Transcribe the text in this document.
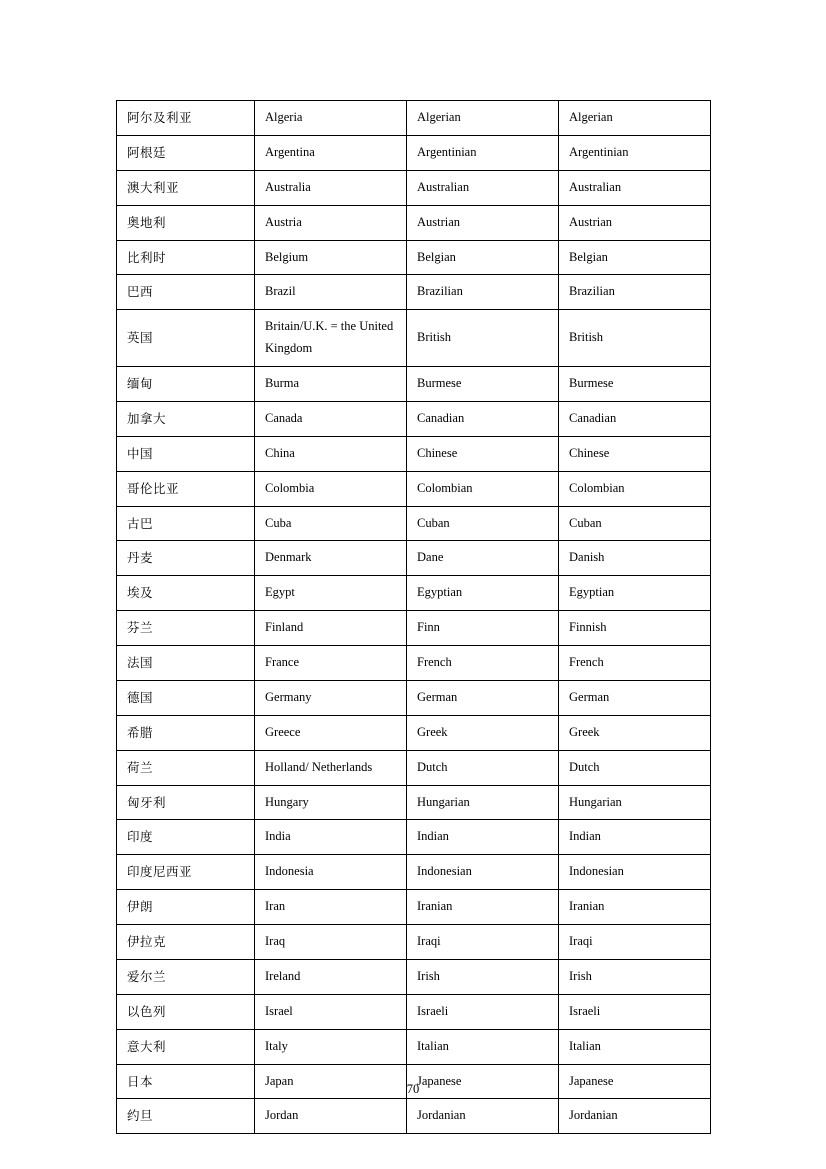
阿尔及利亚	Algeria	Algerian	Algerian
阿根廷	Argentina	Argentinian	Argentinian
澳大利亚	Australia	Australian	Australian
奥地利	Austria	Austrian	Austrian
比利时	Belgium	Belgian	Belgian
巴西	Brazil	Brazilian	Brazilian
英国	Britain/U.K. = the United Kingdom	British	British
缅甸	Burma	Burmese	Burmese
加拿大	Canada	Canadian	Canadian
中国	China	Chinese	Chinese
哥伦比亚	Colombia	Colombian	Colombian
古巴	Cuba	Cuban	Cuban
丹麦	Denmark	Dane	Danish
埃及	Egypt	Egyptian	Egyptian
芬兰	Finland	Finn	Finnish
法国	France	French	French
德国	Germany	German	German
希腊	Greece	Greek	Greek
荷兰	Holland/ Netherlands	Dutch	Dutch
匈牙利	Hungary	Hungarian	Hungarian
印度	India	Indian	Indian
印度尼西亚	Indonesia	Indonesian	Indonesian
伊朗	Iran	Iranian	Iranian
伊拉克	Iraq	Iraqi	Iraqi
爱尔兰	Ireland	Irish	Irish
以色列	Israel	Israeli	Israeli
意大利	Italy	Italian	Italian
日本	Japan	Japanese	Japanese
约旦	Jordan	Jordanian	Jordanian
70
